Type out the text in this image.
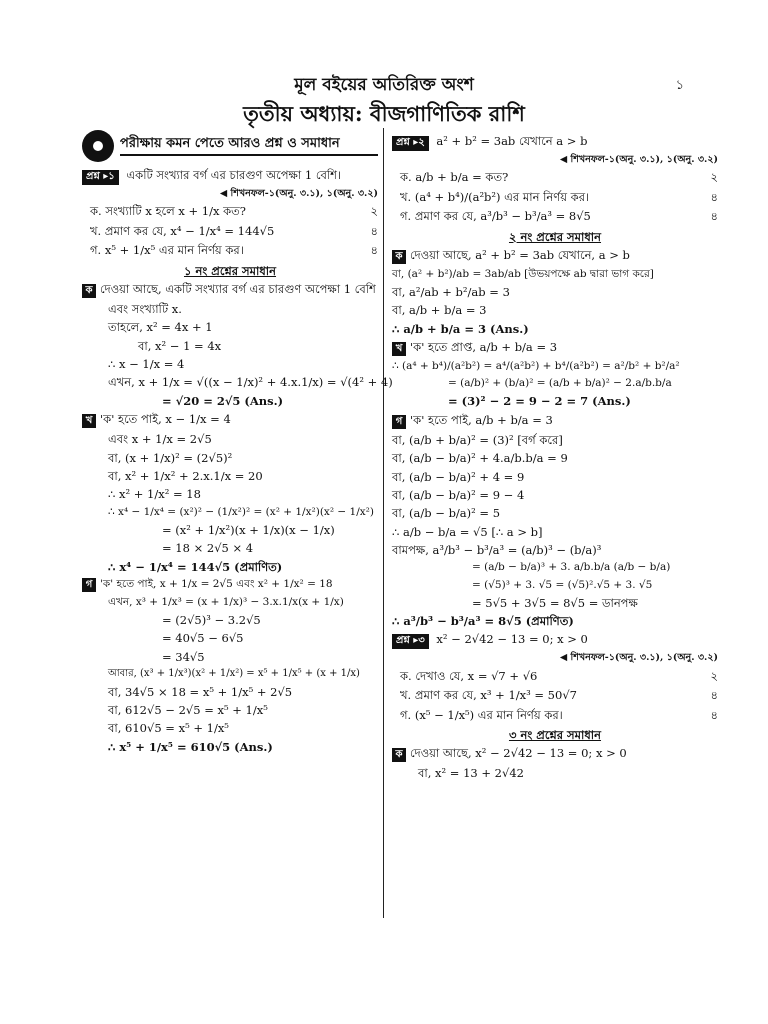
মূল বইয়ের অতিরিক্ত অংশ	১
তৃতীয় অধ্যায়: বীজগাণিতিক রাশি
পরীক্ষায় কমন পেতে আরও প্রশ্ন ও সমাধান
প্রশ্ন ▸১ একটি সংখ্যার বর্গ এর চারগুণ অপেক্ষা 1 বেশি।
◀ শিখনফল-১(অনু. ৩.১), ১(অনু. ৩.২)
ক. সংখ্যাটি x হলে x + 1/x কত?	২
খ. প্রমাণ কর যে, x⁴ − 1/x⁴ = 144√5	৪
গ. x⁵ + 1/x⁵ এর মান নির্ণয় কর।	৪
১ নং প্রশ্নের সমাধান
ক দেওয়া আছে, একটি সংখ্যার বর্গ এর চারগুণ অপেক্ষা 1 বেশি
এবং সংখ্যাটি x.
তাহলে, x² = 4x + 1
বা, x² − 1 = 4x
∴ x − 1/x = 4
এখন, x + 1/x = √((x − 1/x)² + 4.x.1/x) = √(4² + 4)
= √20 = 2√5 (Ans.)
খ 'ক' হতে পাই, x − 1/x = 4
এবং x + 1/x = 2√5
বা, (x + 1/x)² = (2√5)²
বা, x² + 1/x² + 2.x.1/x = 20
∴ x² + 1/x² = 18
∴ x⁴ − 1/x⁴ = (x²)² − (1/x²)² = (x² + 1/x²)(x² − 1/x²)
= (x² + 1/x²)(x + 1/x)(x − 1/x)
= 18 × 2√5 × 4
∴ x⁴ − 1/x⁴ = 144√5 (প্রমাণিত)
গ 'ক' হতে পাই, x + 1/x = 2√5 এবং x² + 1/x² = 18
এখন, x³ + 1/x³ = (x + 1/x)³ − 3.x.1/x(x + 1/x)
= (2√5)³ − 3.2√5
= 40√5 − 6√5
= 34√5
আবার, (x³ + 1/x³)(x² + 1/x²) = x⁵ + 1/x⁵ + (x + 1/x)
বা, 34√5 × 18 = x⁵ + 1/x⁵ + 2√5
বা, 612√5 − 2√5 = x⁵ + 1/x⁵
বা, 610√5 = x⁵ + 1/x⁵
∴ x⁵ + 1/x⁵ = 610√5 (Ans.)
প্রশ্ন ▸২ a² + b² = 3ab যেখানে a > b
◀ শিখনফল-১(অনু. ৩.১), ১(অনু. ৩.২)
ক. a/b + b/a = কত?	২
খ. (a⁴ + b⁴)/(a²b²) এর মান নির্ণয় কর।	৪
গ. প্রমাণ কর যে, a³/b³ − b³/a³ = 8√5	৪
২ নং প্রশ্নের সমাধান
ক দেওয়া আছে, a² + b² = 3ab যেখানে, a > b
বা, (a² + b²)/ab = 3ab/ab [উভয়পক্ষে ab দ্বারা ভাগ করে]
বা, a²/ab + b²/ab = 3
বা, a/b + b/a = 3
∴ a/b + b/a = 3 (Ans.)
খ 'ক' হতে প্রাপ্ত, a/b + b/a = 3
∴ (a⁴ + b⁴)/(a²b²) = a⁴/(a²b²) + b⁴/(a²b²) = a²/b² + b²/a²
= (a/b)² + (b/a)² = (a/b + b/a)² − 2.a/b.b/a
= (3)² − 2 = 9 − 2 = 7 (Ans.)
গ 'ক' হতে পাই, a/b + b/a = 3
বা, (a/b + b/a)² = (3)² [বর্গ করে]
বা, (a/b − b/a)² + 4.a/b.b/a = 9
বা, (a/b − b/a)² + 4 = 9
বা, (a/b − b/a)² = 9 − 4
বা, (a/b − b/a)² = 5
∴ a/b − b/a = √5 [∴ a > b]
বামপক্ষ, a³/b³ − b³/a³ = (a/b)³ − (b/a)³
= (a/b − b/a)³ + 3. a/b.b/a (a/b − b/a)
= (√5)³ + 3. √5 = (√5)².√5 + 3. √5
= 5√5 + 3√5 = 8√5 = ডানপক্ষ
∴ a³/b³ − b³/a³ = 8√5 (প্রমাণিত)
প্রশ্ন ▸৩ x² − 2√42 − 13 = 0; x > 0
◀ শিখনফল-১(অনু. ৩.১), ১(অনু. ৩.২)
ক. দেখাও যে, x = √7 + √6	২
খ. প্রমাণ কর যে, x³ + 1/x³ = 50√7	৪
গ. (x⁵ − 1/x⁵) এর মান নির্ণয় কর।	৪
৩ নং প্রশ্নের সমাধান
ক দেওয়া আছে, x² − 2√42 − 13 = 0; x > 0
বা, x² = 13 + 2√42
